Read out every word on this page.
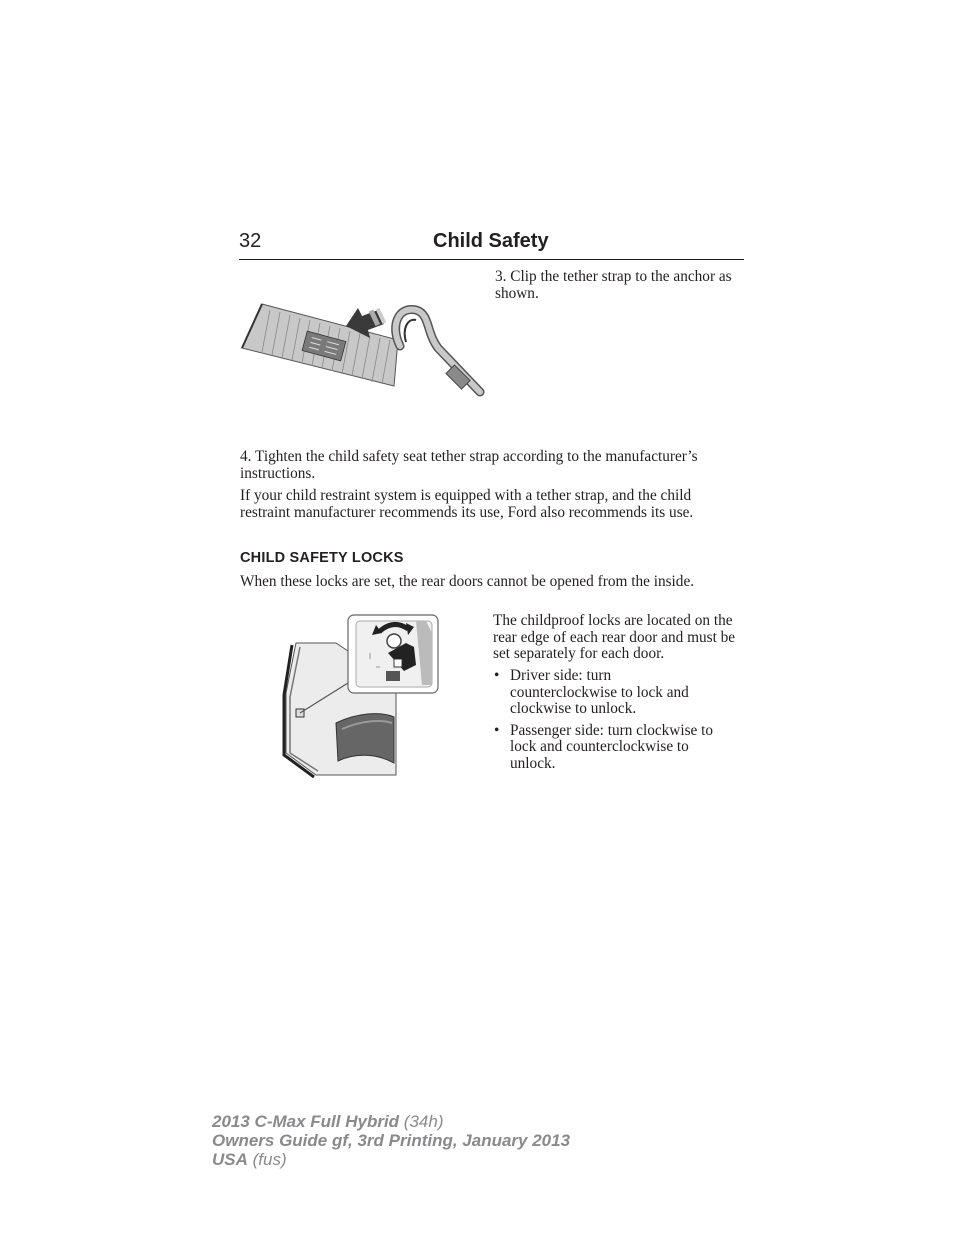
32	Child Safety

3. Clip the tether strap to the anchor as shown.

4. Tighten the child safety seat tether strap according to the manufacturer’s instructions.

If your child restraint system is equipped with a tether strap, and the child restraint manufacturer recommends its use, Ford also recommends its use.

CHILD SAFETY LOCKS

When these locks are set, the rear doors cannot be opened from the inside.

The childproof locks are located on the rear edge of each rear door and must be set separately for each door.

• Driver side: turn counterclockwise to lock and clockwise to unlock.
• Passenger side: turn clockwise to lock and counterclockwise to unlock.
2013 C-Max Full Hybrid (34h)
Owners Guide gf, 3rd Printing, January 2013
USA (fus)
